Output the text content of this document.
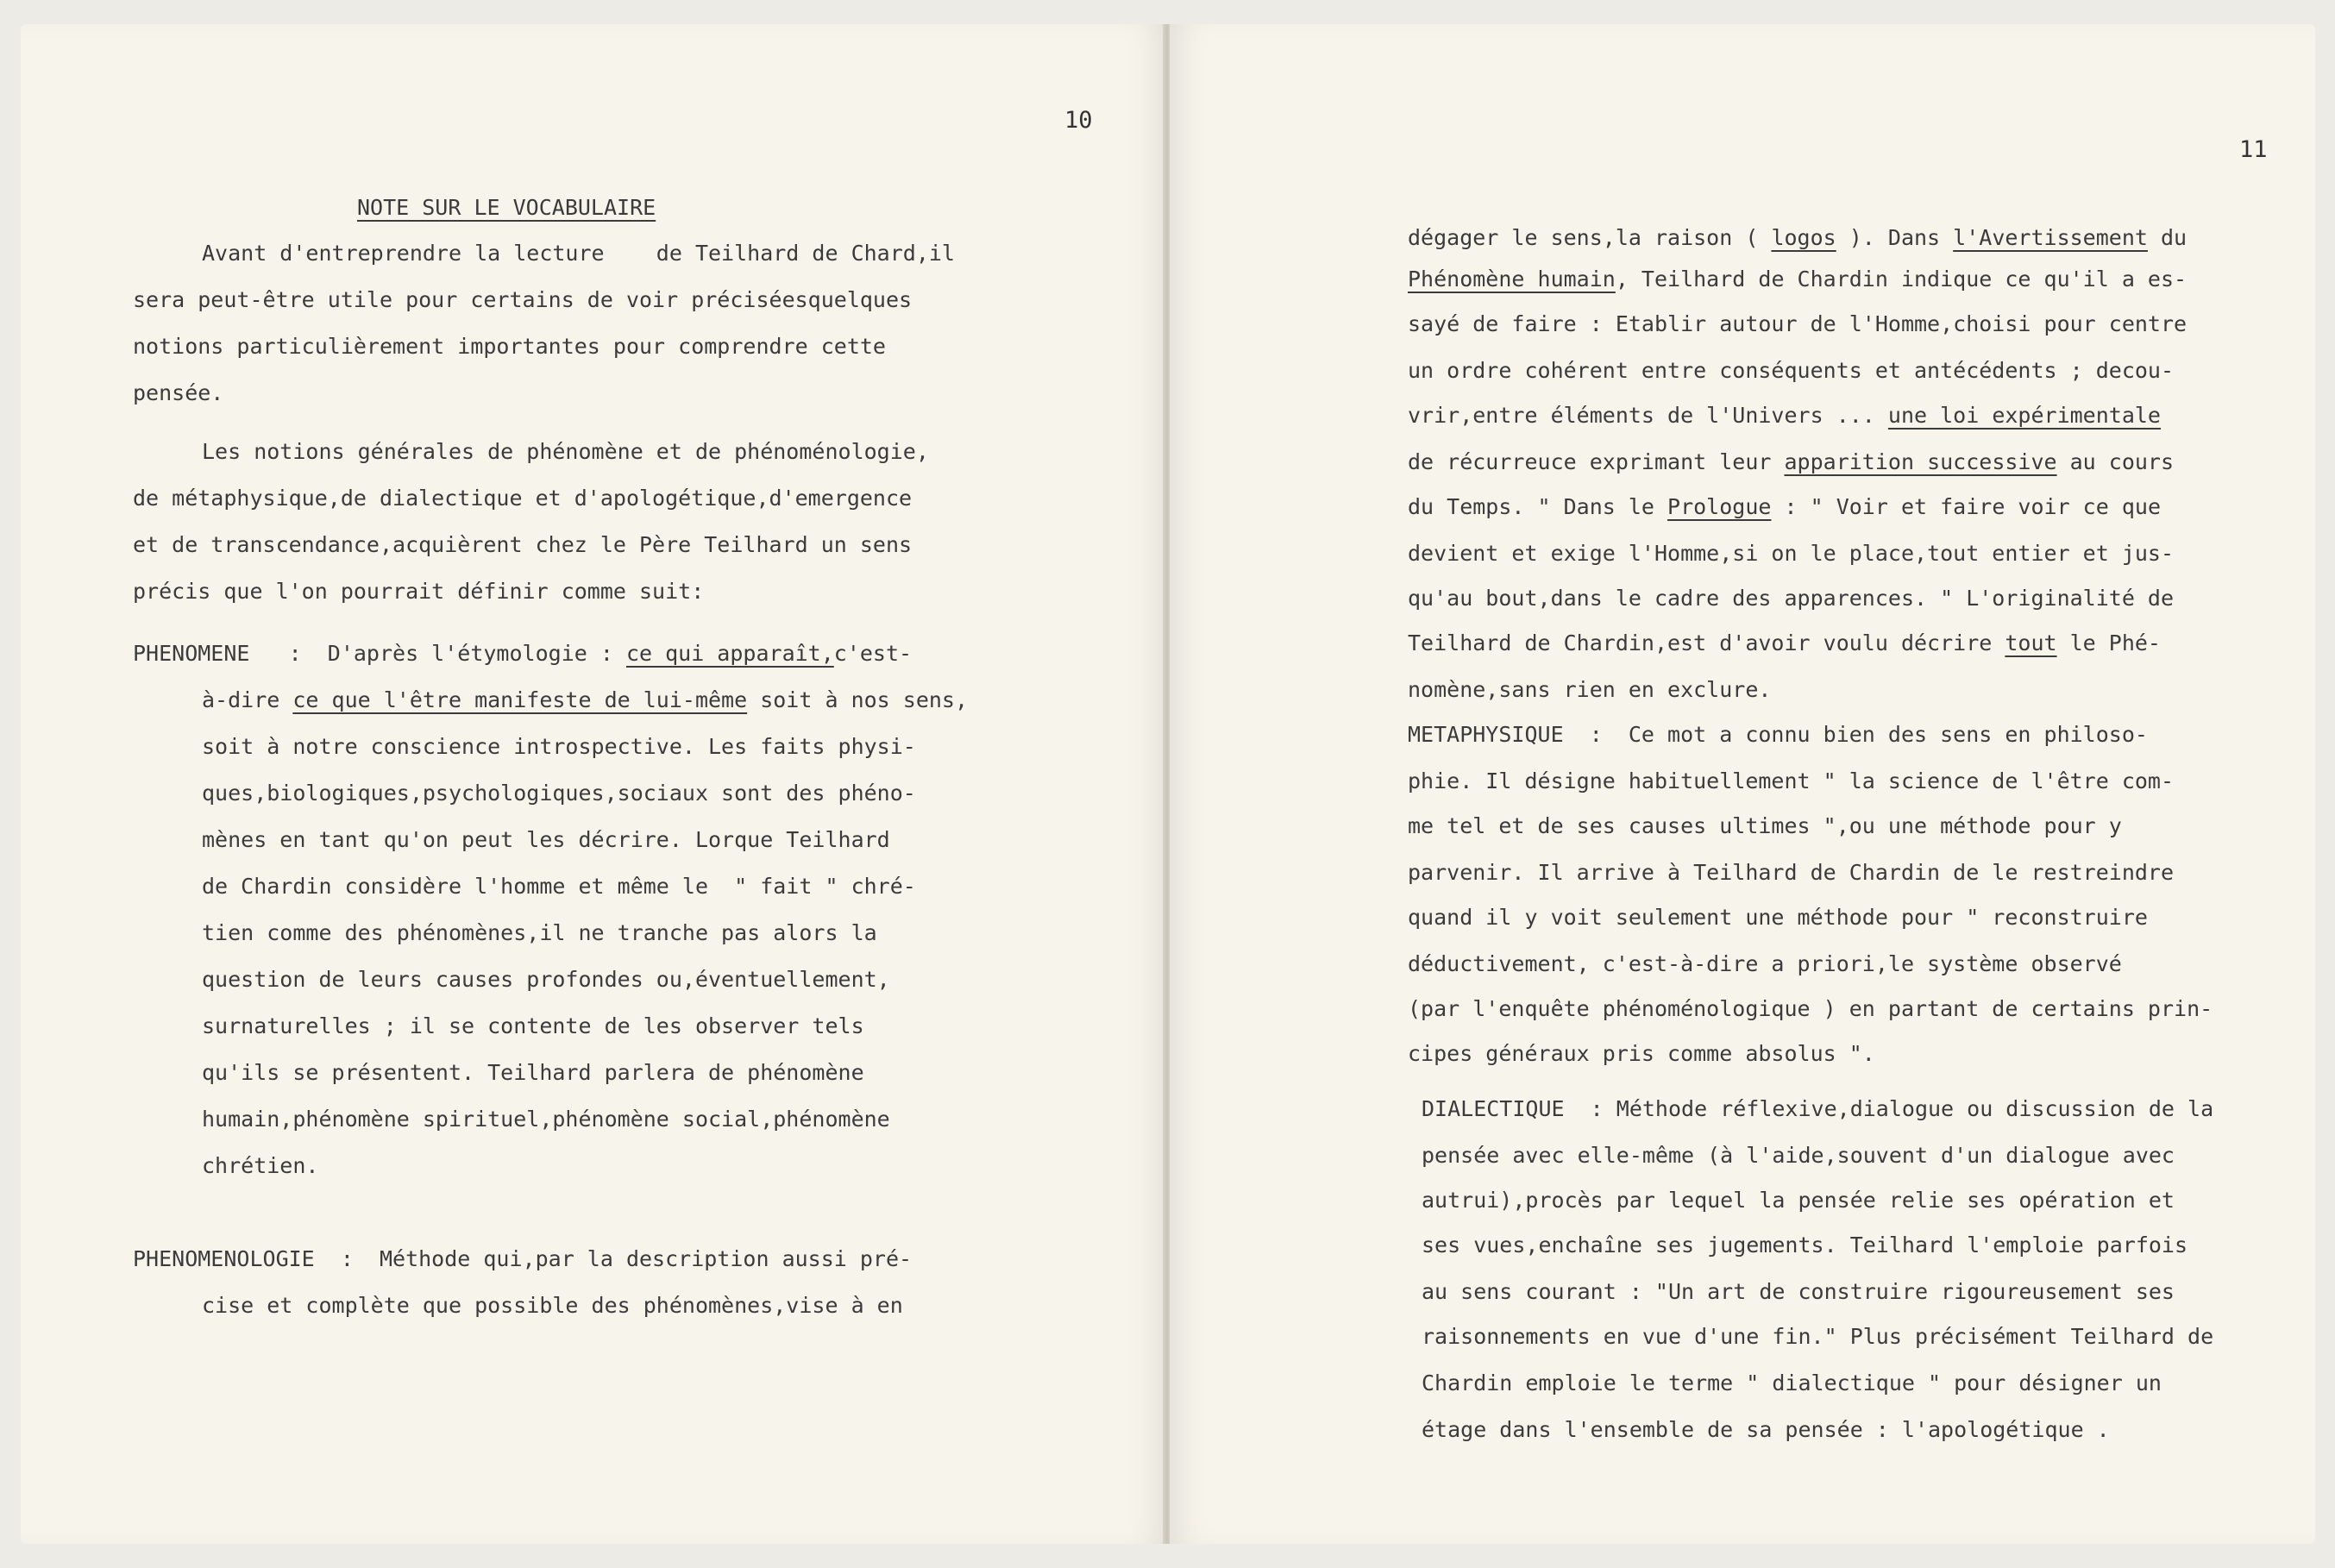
10
NOTE SUR LE VOCABULAIRE
Avant d'entreprendre la lecture    de Teilhard de Chard,il
sera peut-être utile pour certains de voir préciséesquelques
notions particulièrement importantes pour comprendre cette
pensée.
Les notions générales de phénomène et de phénoménologie,
de métaphysique,de dialectique et d'apologétique,d'emergence
et de transcendance,acquièrent chez le Père Teilhard un sens
précis que l'on pourrait définir comme suit:
PHENOMENE   :  D'après l'étymologie : ce qui apparaît,c'est-
à-dire ce que l'être manifeste de lui-même soit à nos sens,
soit à notre conscience introspective. Les faits physi-
ques,biologiques,psychologiques,sociaux sont des phéno-
mènes en tant qu'on peut les décrire. Lorque Teilhard
de Chardin considère l'homme et même le  " fait " chré-
tien comme des phénomènes,il ne tranche pas alors la
question de leurs causes profondes ou,éventuellement,
surnaturelles ; il se contente de les observer tels
qu'ils se présentent. Teilhard parlera de phénomène
humain,phénomène spirituel,phénomène social,phénomène
chrétien.
PHENOMENOLOGIE  :  Méthode qui,par la description aussi pré-
cise et complète que possible des phénomènes,vise à en
11
dégager le sens,la raison ( logos ). Dans l'Avertissement du
Phénomène humain, Teilhard de Chardin indique ce qu'il a es-
sayé de faire : Etablir autour de l'Homme,choisi pour centre
un ordre cohérent entre conséquents et antécédents ; decou-
vrir,entre éléments de l'Univers ... une loi expérimentale
de récurreuce exprimant leur apparition successive au cours
du Temps. " Dans le Prologue : " Voir et faire voir ce que
devient et exige l'Homme,si on le place,tout entier et jus-
qu'au bout,dans le cadre des apparences. " L'originalité de
Teilhard de Chardin,est d'avoir voulu décrire tout le Phé-
nomène,sans rien en exclure.
METAPHYSIQUE  :  Ce mot a connu bien des sens en philoso-
phie. Il désigne habituellement " la science de l'être com-
me tel et de ses causes ultimes ",ou une méthode pour y
parvenir. Il arrive à Teilhard de Chardin de le restreindre
quand il y voit seulement une méthode pour " reconstruire
déductivement, c'est-à-dire a priori,le système observé
(par l'enquête phénoménologique ) en partant de certains prin-
cipes généraux pris comme absolus ".
DIALECTIQUE  : Méthode réflexive,dialogue ou discussion de la
pensée avec elle-même (à l'aide,souvent d'un dialogue avec
autrui),procès par lequel la pensée relie ses opération et
ses vues,enchaîne ses jugements. Teilhard l'emploie parfois
au sens courant : "Un art de construire rigoureusement ses
raisonnements en vue d'une fin." Plus précisément Teilhard de
Chardin emploie le terme " dialectique " pour désigner un
étage dans l'ensemble de sa pensée : l'apologétique .
